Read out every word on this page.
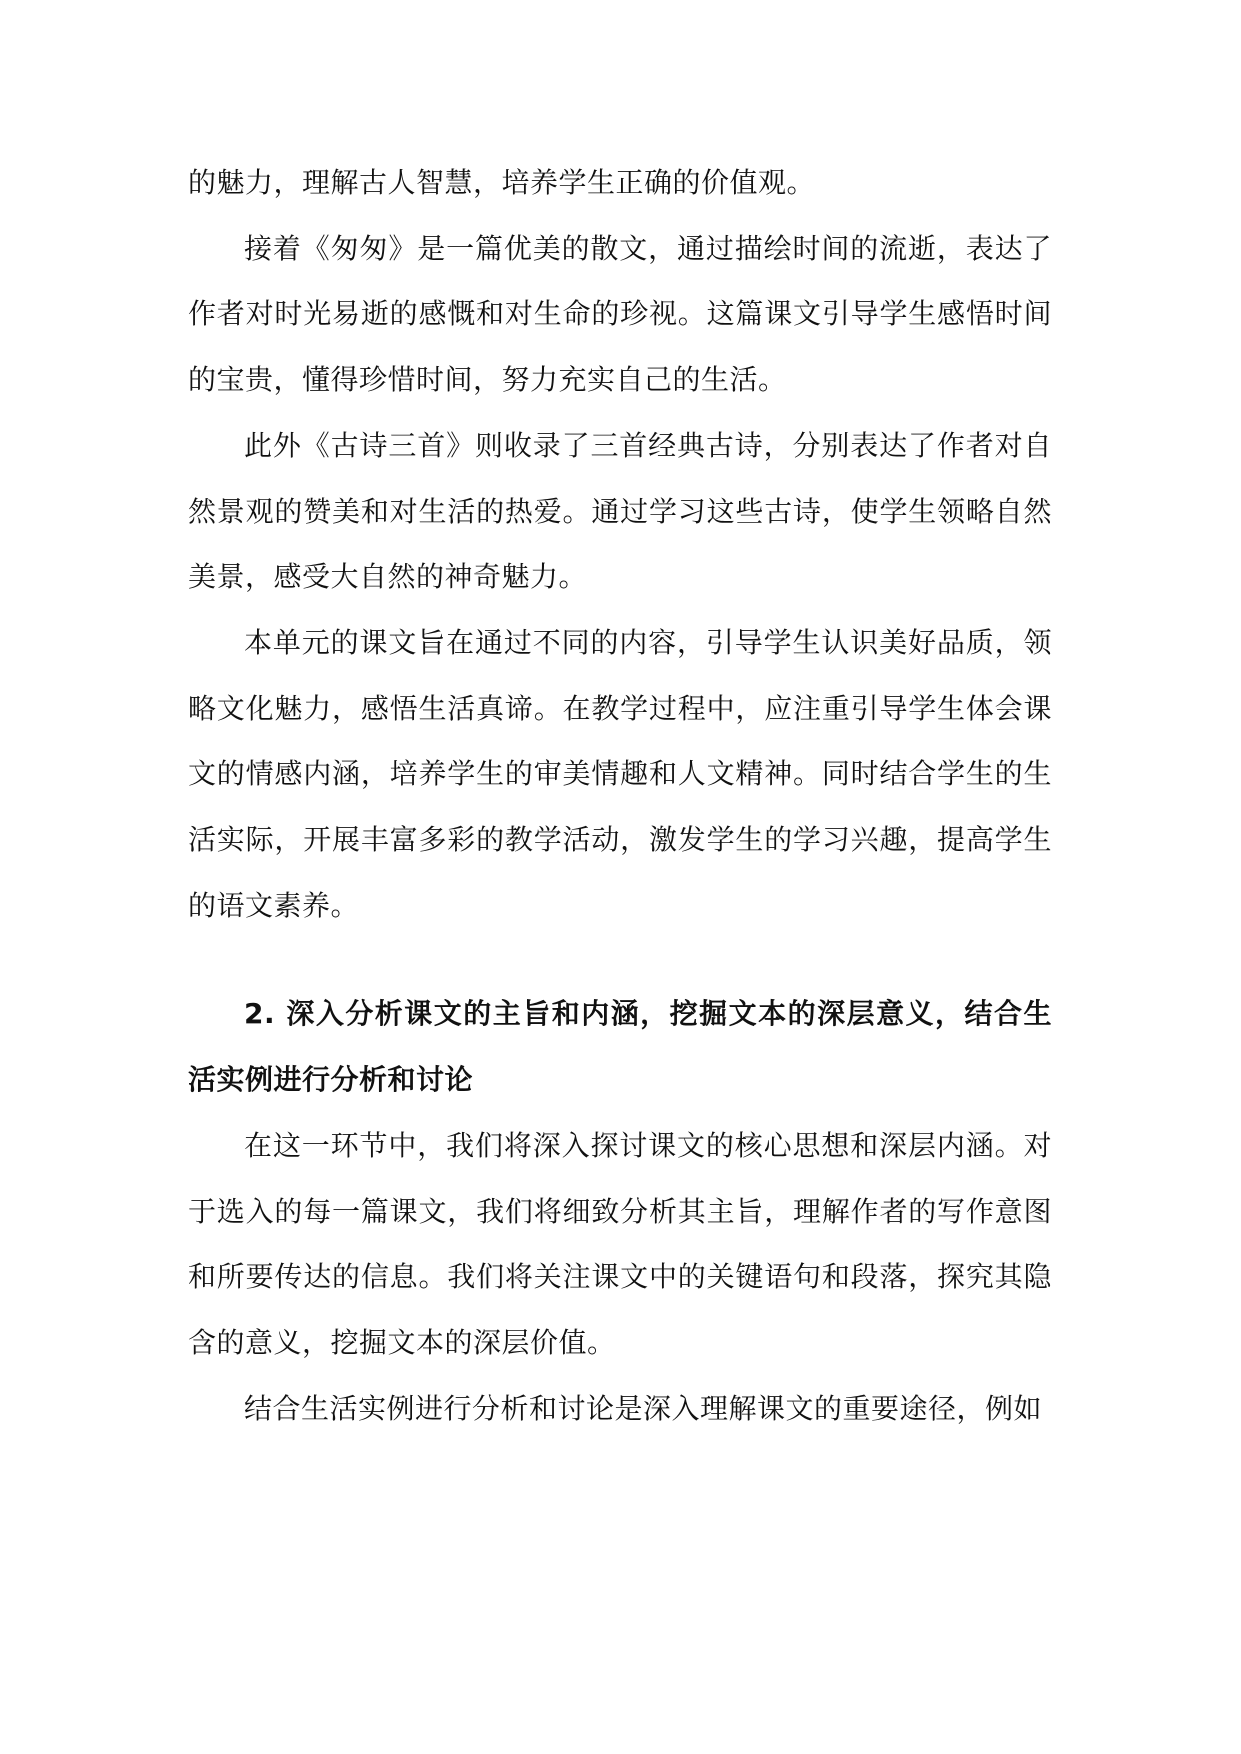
的魅力，理解古人智慧，培养学生正确的价值观。

接着《匆匆》是一篇优美的散文，通过描绘时间的流逝，表达了作者对时光易逝的感慨和对生命的珍视。这篇课文引导学生感悟时间的宝贵，懂得珍惜时间，努力充实自己的生活。

此外《古诗三首》则收录了三首经典古诗，分别表达了作者对自然景观的赞美和对生活的热爱。通过学习这些古诗，使学生领略自然美景，感受大自然的神奇魅力。

本单元的课文旨在通过不同的内容，引导学生认识美好品质，领略文化魅力，感悟生活真谛。在教学过程中，应注重引导学生体会课文的情感内涵，培养学生的审美情趣和人文精神。同时结合学生的生活实际，开展丰富多彩的教学活动，激发学生的学习兴趣，提高学生的语文素养。

2. 深入分析课文的主旨和内涵，挖掘文本的深层意义，结合生活实例进行分析和讨论

在这一环节中，我们将深入探讨课文的核心思想和深层内涵。对于选入的每一篇课文，我们将细致分析其主旨，理解作者的写作意图和所要传达的信息。我们将关注课文中的关键语句和段落，探究其隐含的意义，挖掘文本的深层价值。

结合生活实例进行分析和讨论是深入理解课文的重要途径，例如
